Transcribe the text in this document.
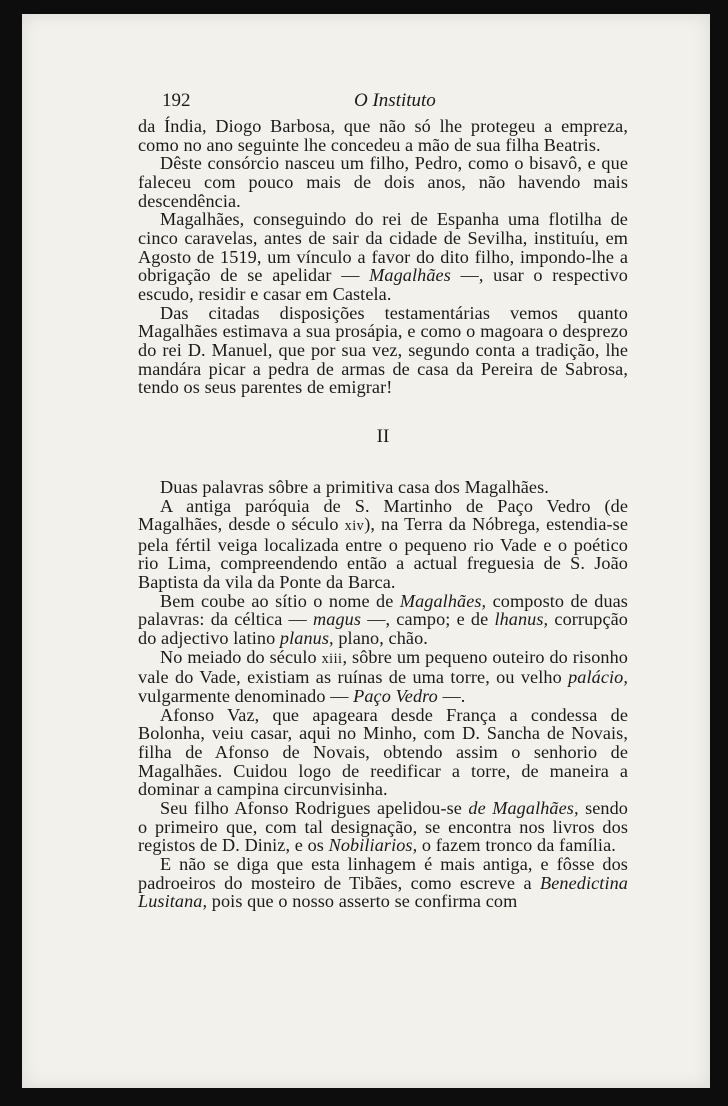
192	O Instituto

da Índia, Diogo Barbosa, que não só lhe protegeu a empreza, como no ano seguinte lhe concedeu a mão de sua filha Beatris.

Dêste consórcio nasceu um filho, Pedro, como o bisavô, e que faleceu com pouco mais de dois anos, não havendo mais descendência.

Magalhães, conseguindo do rei de Espanha uma flotilha de cinco caravelas, antes de sair da cidade de Sevilha, instituíu, em Agosto de 1519, um vínculo a favor do dito filho, impondo-lhe a obrigação de se apelidar — Magalhães —, usar o respectivo escudo, residir e casar em Castela.

Das citadas disposições testamentárias vemos quanto Magalhães estimava a sua prosápia, e como o magoara o desprezo do rei D. Manuel, que por sua vez, segundo conta a tradição, lhe mandára picar a pedra de armas de casa da Pereira de Sabrosa, tendo os seus parentes de emigrar!

II

Duas palavras sôbre a primitiva casa dos Magalhães.

A antiga paróquia de S. Martinho de Paço Vedro (de Magalhães, desde o século xiv), na Terra da Nóbrega, estendia-se pela fértil veiga localizada entre o pequeno rio Vade e o poético rio Lima, compreendendo então a actual freguesia de S. João Baptista da vila da Ponte da Barca.

Bem coube ao sítio o nome de Magalhães, composto de duas palavras: da céltica — magus —, campo; e de lhanus, corrupção do adjectivo latino planus, plano, chão.

No meiado do século xiii, sôbre um pequeno outeiro do risonho vale do Vade, existiam as ruínas de uma torre, ou velho palácio, vulgarmente denominado — Paço Vedro —.

Afonso Vaz, que apageara desde França a condessa de Bolonha, veiu casar, aqui no Minho, com D. Sancha de Novais, filha de Afonso de Novais, obtendo assim o senhorio de Magalhães. Cuidou logo de reedificar a torre, de maneira a dominar a campina circunvisinha.

Seu filho Afonso Rodrigues apelidou-se de Magalhães, sendo o primeiro que, com tal designação, se encontra nos livros dos registos de D. Diniz, e os Nobiliarios, o fazem tronco da família.

E não se diga que esta linhagem é mais antiga, e fôsse dos padroeiros do mosteiro de Tibães, como escreve a Benedictina Lusitana, pois que o nosso asserto se confirma com
